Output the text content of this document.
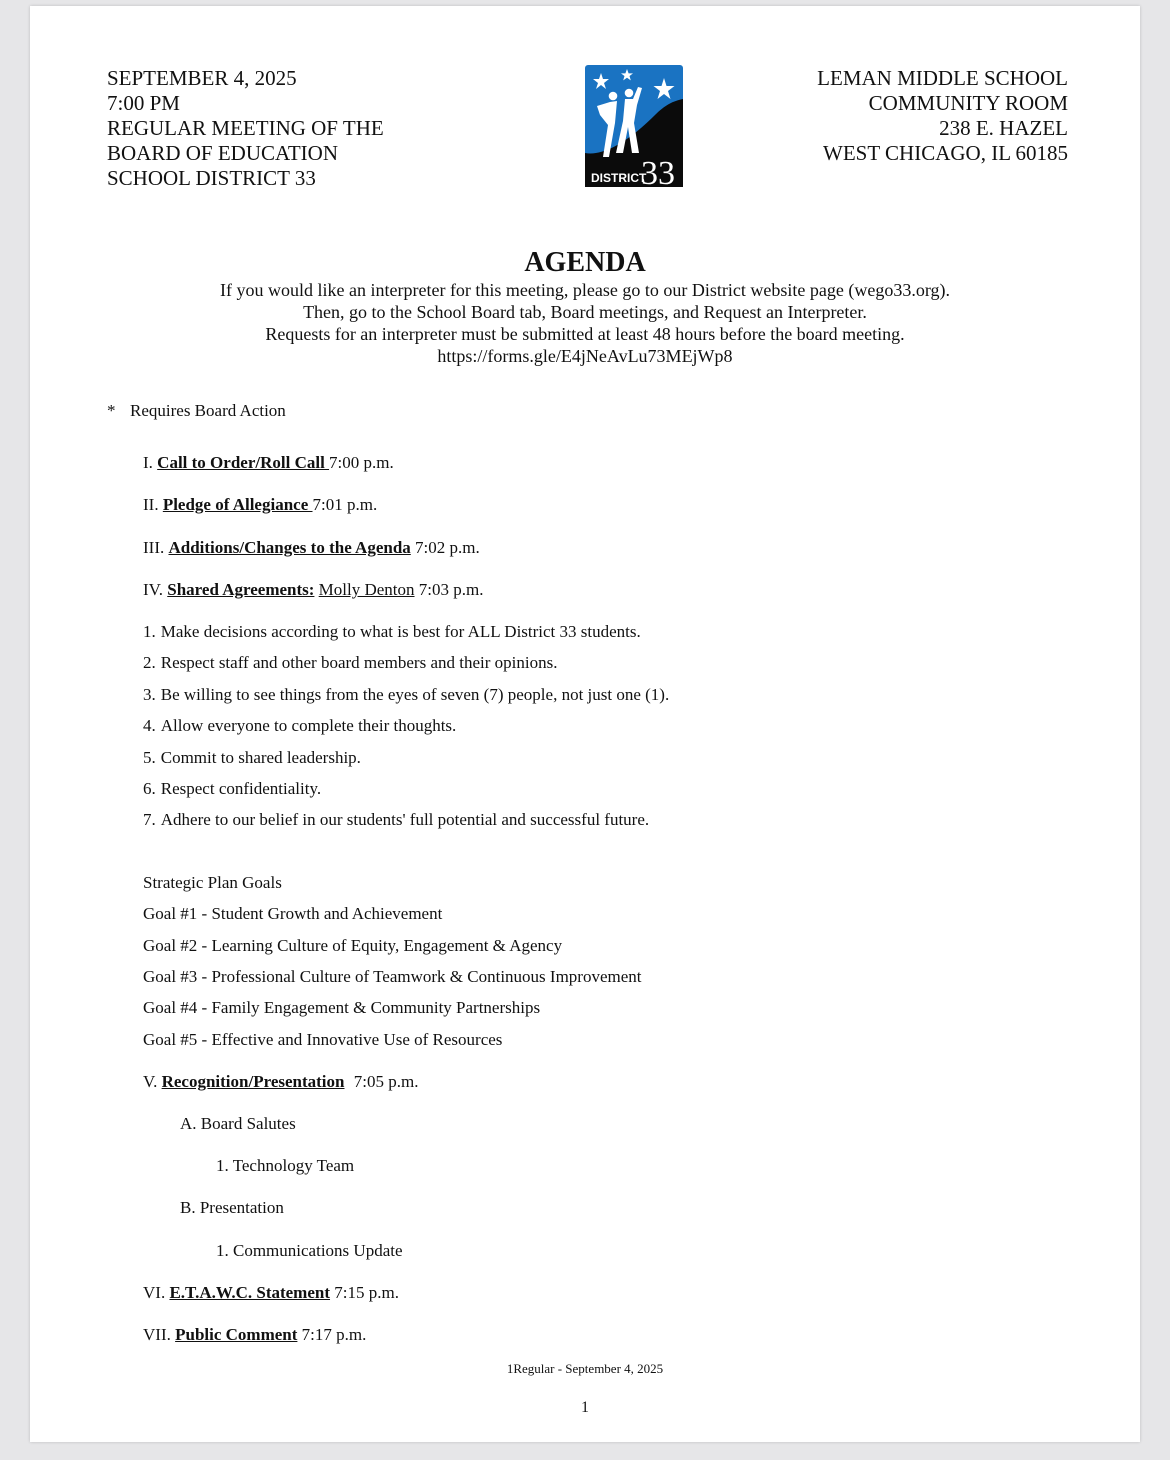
SEPTEMBER 4, 2025
7:00 PM
REGULAR MEETING OF THE
BOARD OF EDUCATION
SCHOOL DISTRICT 33	DISTRICT
33
LEMAN MIDDLE SCHOOL
COMMUNITY ROOM
238 E. HAZEL
WEST CHICAGO, IL 60185
AGENDA
If you would like an interpreter for this meeting, please go to our District website page (wego33.org).
Then, go to the School Board tab, Board meetings, and Request an Interpreter.
Requests for an interpreter must be submitted at least 48 hours before the board meeting.
https://forms.gle/E4jNeAvLu73MEjWp8
* Requires Board Action
I. Call to Order/Roll Call 7:00 p.m.
II. Pledge of Allegiance 7:01 p.m.
III. Additions/Changes to the Agenda 7:02 p.m.
IV. Shared Agreements: Molly Denton 7:03 p.m.
1. Make decisions according to what is best for ALL District 33 students.
2. Respect staff and other board members and their opinions.
3. Be willing to see things from the eyes of seven (7) people, not just one (1).
4. Allow everyone to complete their thoughts.
5. Commit to shared leadership.
6. Respect confidentiality.
7. Adhere to our belief in our students' full potential and successful future.
Strategic Plan Goals
Goal #1 - Student Growth and Achievement
Goal #2 - Learning Culture of Equity, Engagement & Agency
Goal #3 - Professional Culture of Teamwork & Continuous Improvement
Goal #4 - Family Engagement & Community Partnerships
Goal #5 - Effective and Innovative Use of Resources
V. Recognition/Presentation 7:05 p.m.
A. Board Salutes
1. Technology Team
B. Presentation
1. Communications Update
VI. E.T.A.W.C. Statement 7:15 p.m.
VII. Public Comment 7:17 p.m.
1Regular - September 4, 2025
1
